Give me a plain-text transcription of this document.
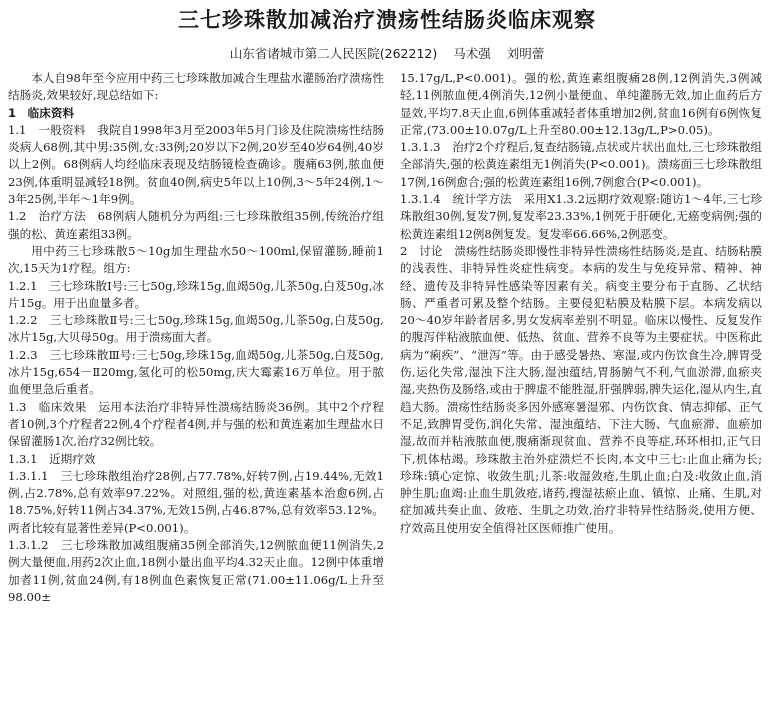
三七珍珠散加减治疗溃疡性结肠炎临床观察
山东省诸城市第二人民医院(262212) 马术强 刘明蕾

本人自98年至今应用中药三七珍珠散加减合生理盐水灌肠治疗溃疡性结肠炎,效果较好,现总结如下:

1　临床资料

1.1　一般资料　我院自1998年3月至2003年5月门诊及住院溃疡性结肠炎病人68例,其中男:35例,女:33例;20岁以下2例,20岁至40岁64例,40岁以上2例。68例病人均经临床表现及结肠镜检查确诊。腹痛63例,脓血便23例,体重明显减轻18例。贫血40例,病史5年以上10例,3～5年24例,1～3年25例,半年～1年9例。

1.2　治疗方法　68例病人随机分为两组:三七珍珠散组35例,传统治疗组强的松、黄连素组33例。

用中药三七珍珠散5～10g加生理盐水50～100ml,保留灌肠,睡前1次,15天为1疗程。组方:

1.2.1　三七珍珠散Ⅰ号:三七50g,珍珠15g,血竭50g,儿茶50g,白芨50g,冰片15g。用于出血量多者。

1.2.2　三七珍珠散Ⅱ号:三七50g,珍珠15g,血竭50g,儿茶50g,白芨50g,冰片15g,大贝母50g。用于溃疡面大者。

1.2.3　三七珍珠散Ⅲ号:三七50g,珍珠15g,血竭50g,儿茶50g,白芨50g,冰片15g,654－Ⅱ20mg,氢化可的松50mg,庆大霉素16万单位。用于脓血便里急后重者。

1.3　临床效果　运用本法治疗非特异性溃疡结肠炎36例。其中2个疗程者10例,3个疗程者22例,4个疗程者4例,并与强的松和黄连素加生理盐水日保留灌肠1次,治疗32例比较。

1.3.1　近期疗效

1.3.1.1　三七珍珠散组治疗28例,占77.78%,好转7例,占19.44%,无效1例,占2.78%,总有效率97.22%。对照组,强的松,黄连素基本治愈6例,占18.75%,好转11例占34.37%,无效15例,占46.87%,总有效率53.12%。两者比较有显著性差异(P<0.001)。

1.3.1.2　三七珍珠散加减组腹痛35例全部消失,12例脓血便11例消失,2例大量便血,用药2次止血,18例小量出血平均4.32天止血。12例中体重增加者11例,贫血24例,有18例血色素恢复正常(71.00±11.06g/L上升至98.00±

15.17g/L,P<0.001)。强的松,黄连素组腹痛28例,12例消失,3例减轻,11例脓血便,4例消失,12例小量便血、单纯灌肠无效,加止血药后方显效,平均7.8天止血,6例体重减轻者体重增加2例,贫血16例有6例恢复正常,(73.00±10.07g/L上升至80.00±12.13g/L,P>0.05)。

1.3.1.3　治疗2个疗程后,复查结肠镜,点状或片状出血灶,三七珍珠散组全部消失,强的松黄连素组无1例消失(P<0.001)。溃疡面三七珍珠散组17例,16例愈合;强的松黄连素组16例,7例愈合(P<0.001)。

1.3.1.4　统计学方法　采用X1.3.2远期疗效观察:随访1～4年,三七珍珠散组30例,复发7例,复发率23.33%,1例死于肝硬化,无癌变病例;强的松黄连素组12例8例复发。复发率66.66%,2例恶变。

2　讨论　溃疡性结肠炎即慢性非特异性溃疡性结肠炎,是直、结肠粘膜的浅表性、非特异性炎症性病变。本病的发生与免疫异常、精神、神经、遗传及非特异性感染等因素有关。病变主要分布于直肠、乙状结肠、严重者可累及整个结肠。主要侵犯粘膜及粘膜下层。本病发病以20～40岁年龄者居多,男女发病率差别不明显。临床以慢性、反复发作的腹泻伴粘液脓血便、低热、贫血、营养不良等为主要症状。中医称此病为“痢疾”、“泄泻”等。由于感受暑热、寒湿,或内伤饮食生冷,脾胃受伤,运化失常,湿浊下注大肠,湿浊蕴结,胃肠腑气不利,气血淤滞,血瘀夹湿,夹热伤及肠络,或由于脾虚不能胜湿,肝强脾弱,脾失运化,湿从内生,直趋大肠。溃疡性结肠炎多因外感寒暑湿邪、内伤饮食、情志抑郁、正气不足,致脾胃受伤,润化失常、湿浊蕴结、下注大肠、气血瘀滞、血瘀加湿,故而并粘液脓血便,腹痛渐现贫血、营养不良等症,环环相扣,正气日下,机体枯竭。珍珠散主治外症溃烂不长肉,本文中三七:止血止痛为长;珍珠:镇心定惊、收敛生肌;儿茶:收湿敛疮,生肌止血;白及:收敛止血,消肿生肌;血竭:止血生肌敛疮,诸药,搜湿祛瘀止血、镇惊、止痛、生肌,对症加减共奏止血、敛疮、生肌之功效,治疗非特异性结肠炎,使用方便、疗效高且使用安全值得社区医师推广使用。
